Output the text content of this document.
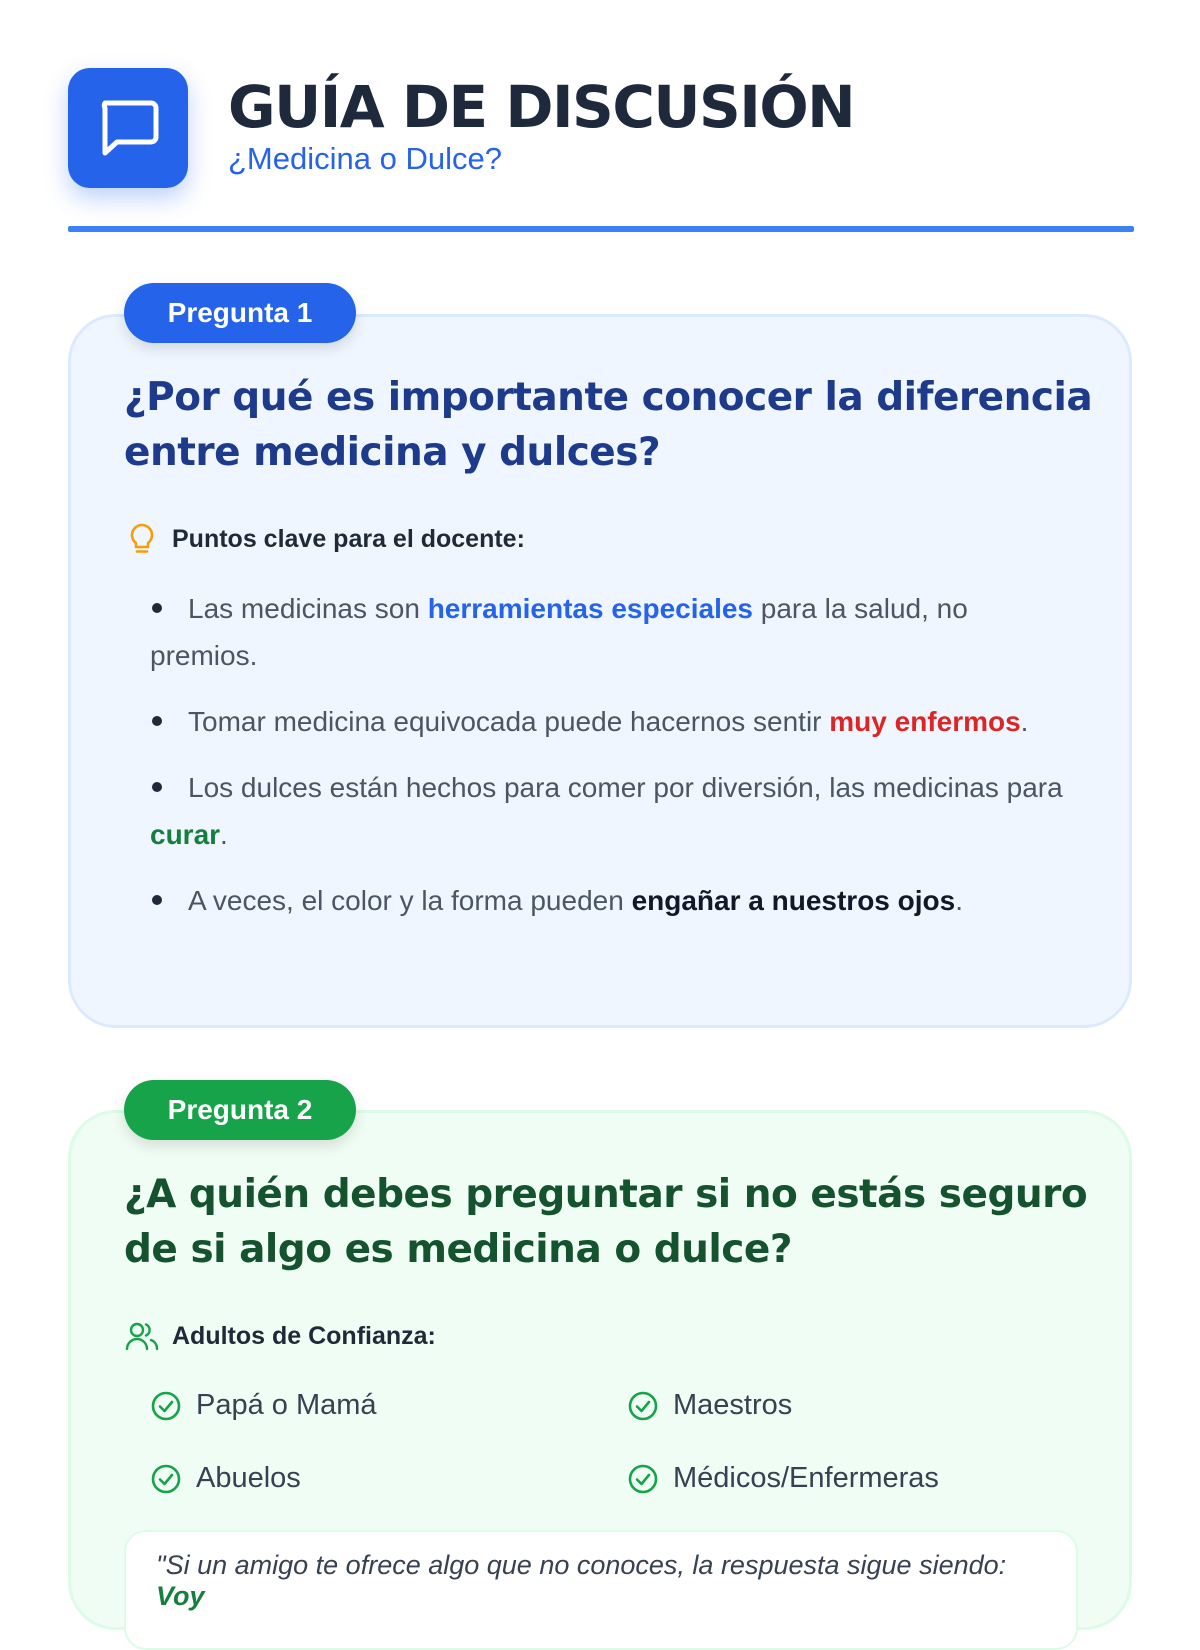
GUÍA DE DISCUSIÓN
¿Medicina o Dulce?
Pregunta 1
¿Por qué es importante conocer la diferencia entre medicina y dulces?
Puntos clave para el docente:
Las medicinas son herramientas especiales para la salud, no premios.
Tomar medicina equivocada puede hacernos sentir muy enfermos.
Los dulces están hechos para comer por diversión, las medicinas para curar.
A veces, el color y la forma pueden engañar a nuestros ojos.
Pregunta 2
¿A quién debes preguntar si no estás seguro de si algo es medicina o dulce?
Adultos de Confianza:
Papá o Mamá	Maestros
Abuelos	Médicos/Enfermeras
"Si un amigo te ofrece algo que no conoces, la respuesta sigue siendo: Voy
